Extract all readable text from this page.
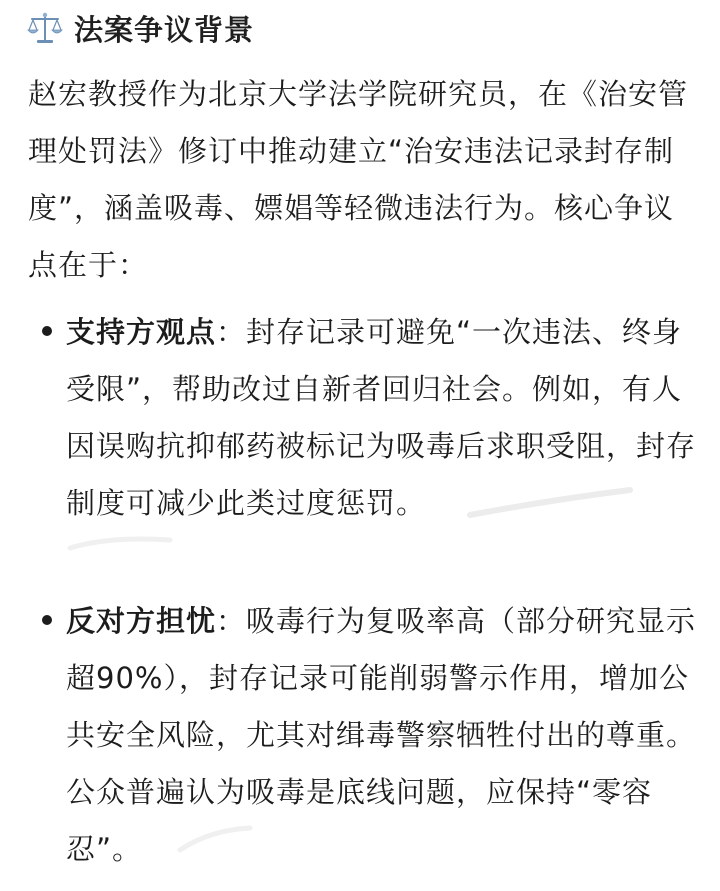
法案争议背景
赵宏教授作为北京大学法学院研究员，在《治安管理处罚法》修订中推动建立“治安违法记录封存制度”，涵盖吸毒、嫖娼等轻微违法行为。核心争议点在于：
支持方观点：封存记录可避免“一次违法、终身受限”，帮助改过自新者回归社会。例如，有人因误购抗抑郁药被标记为吸毒后求职受阻，封存制度可减少此类过度惩罚。
反对方担忧：吸毒行为复吸率高（部分研究显示超90%），封存记录可能削弱警示作用，增加公共安全风险，尤其对缉毒警察牺牲付出的尊重。公众普遍认为吸毒是底线问题，应保持“零容忍”。
